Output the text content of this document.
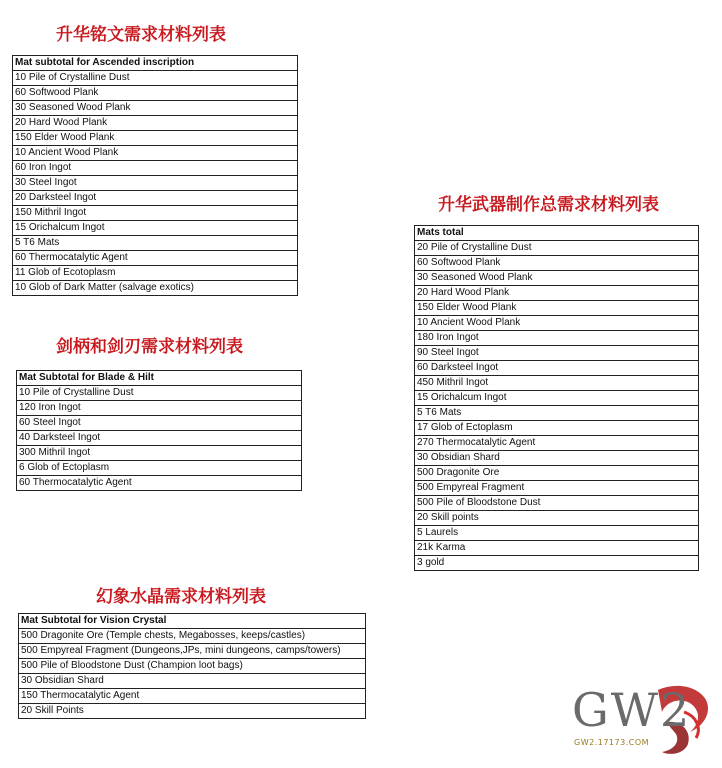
升华铭文需求材料列表
Mat subtotal for Ascended inscription
10 Pile of Crystalline Dust
60 Softwood Plank
30 Seasoned Wood Plank
20 Hard Wood Plank
150 Elder Wood Plank
10 Ancient Wood Plank
60 Iron Ingot
30 Steel Ingot
20 Darksteel Ingot
150 Mithril Ingot
15 Orichalcum Ingot
5 T6 Mats
60 Thermocatalytic Agent
11 Glob of Ecotoplasm
10 Glob of Dark Matter (salvage exotics)
剑柄和剑刃需求材料列表
Mat Subtotal for Blade & Hilt
10 Pile of Crystalline Dust
120 Iron Ingot
60 Steel Ingot
40 Darksteel Ingot
300 Mithril Ingot
6 Glob of Ectoplasm
60 Thermocatalytic Agent
幻象水晶需求材料列表
Mat Subtotal for Vision Crystal
500 Dragonite Ore (Temple chests, Megabosses, keeps/castles)
500 Empyreal Fragment (Dungeons,JPs, mini dungeons, camps/towers)
500 Pile of Bloodstone Dust (Champion loot bags)
30 Obsidian Shard
150 Thermocatalytic Agent
20 Skill Points
升华武器制作总需求材料列表
Mats total
20 Pile of Crystalline Dust
60 Softwood Plank
30 Seasoned Wood Plank
20 Hard Wood Plank
150 Elder Wood Plank
10 Ancient Wood Plank
180 Iron Ingot
90 Steel Ingot
60 Darksteel Ingot
450 Mithril Ingot
15 Orichalcum Ingot
5 T6 Mats
17 Glob of Ectoplasm
270 Thermocatalytic Agent
30 Obsidian Shard
500 Dragonite Ore
500 Empyreal Fragment
500 Pile of Bloodstone Dust
20 Skill points
5 Laurels
21k Karma
3 gold
GW2
GW2.17173.COM
